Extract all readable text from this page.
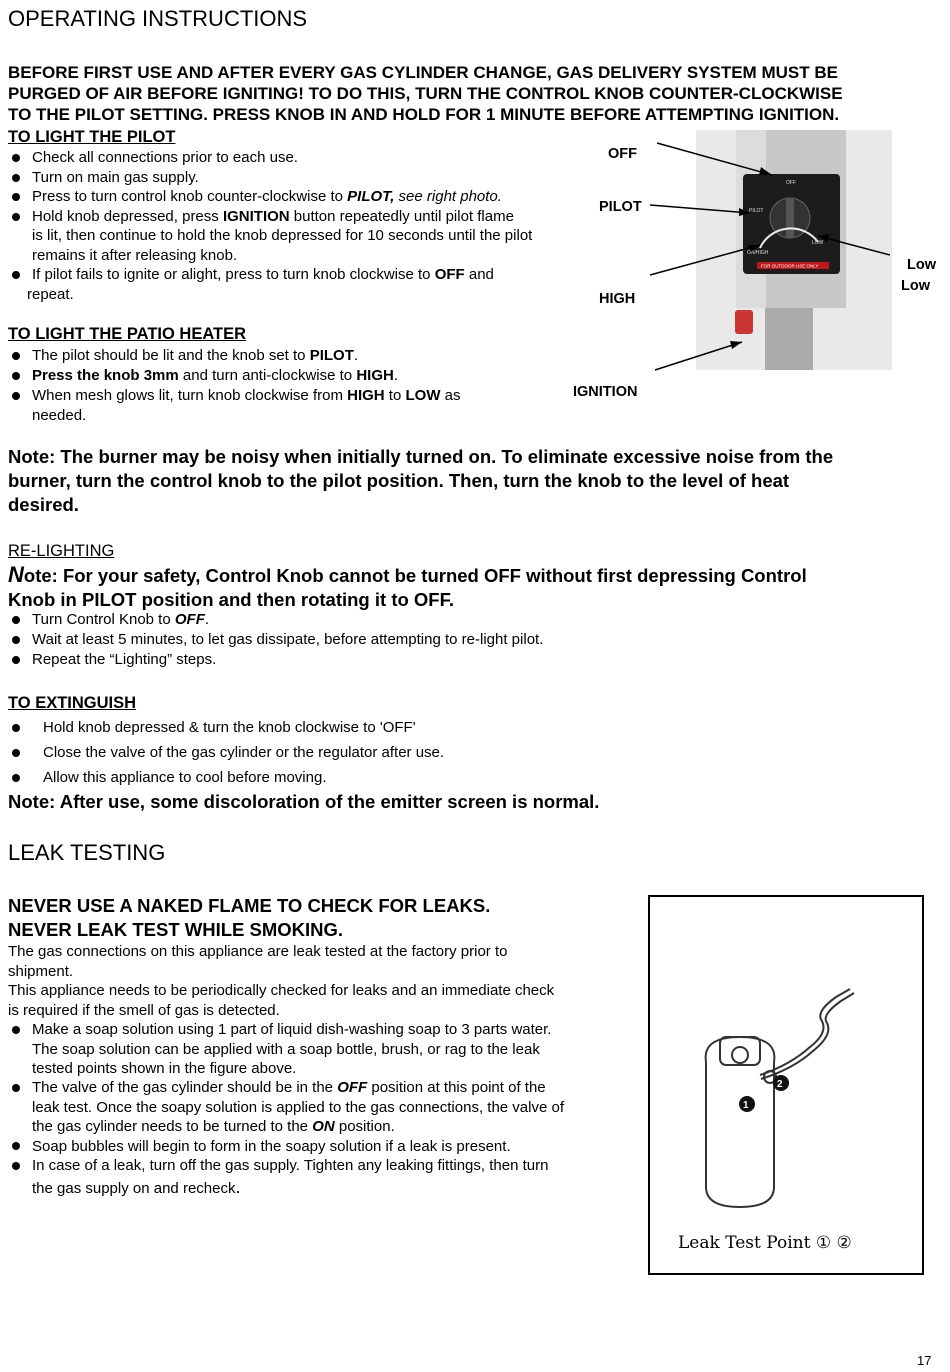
OPERATING INSTRUCTIONS
BEFORE FIRST USE AND AFTER EVERY GAS CYLINDER CHANGE, GAS DELIVERY SYSTEM MUST BE
PURGED OF AIR BEFORE IGNITING! TO DO THIS, TURN THE CONTROL KNOB COUNTER-CLOCKWISE
TO THE PILOT SETTING. PRESS KNOB IN AND HOLD FOR 1 MINUTE BEFORE ATTEMPTING IGNITION.
TO LIGHT THE PILOT
Check all connections prior to each use.
Turn on main gas supply.
Press to turn control knob counter-clockwise to PILOT, see right photo.
Hold knob depressed, press IGNITION button repeatedly until pilot flame
is lit, then continue to hold the knob depressed for 10 seconds until the pilot
remains it after releasing knob.
If pilot fails to ignite or alight, press to turn knob clockwise to OFF and
repeat.
OFF
PILOT
ON/HIGH
LOW
FOR OUTDOOR USE ONLY
OFF
PILOT
HIGH
IGNITION
Low
Low
TO LIGHT THE PATIO HEATER
The pilot should be lit and the knob set to PILOT.
Press the knob 3mm and turn anti-clockwise to HIGH.
When mesh glows lit, turn knob clockwise from HIGH to LOW as
needed.
Note: The burner may be noisy when initially turned on. To eliminate excessive noise from the
burner, turn the control knob to the pilot position. Then, turn the knob to the level of heat
desired.
RE-LIGHTING
Note: For your safety, Control Knob cannot be turned OFF without first depressing Control
Knob in PILOT position and then rotating it to OFF.
Turn Control Knob to OFF.
Wait at least 5 minutes, to let gas dissipate, before attempting to re-light pilot.
Repeat the “Lighting” steps.
TO EXTINGUISH
Hold knob depressed & turn the knob clockwise to 'OFF'
Close the valve of the gas cylinder or the regulator after use.
Allow this appliance to cool before moving.
Note: After use, some discoloration of the emitter screen is normal.
LEAK TESTING
NEVER USE A NAKED FLAME TO CHECK FOR LEAKS.
NEVER LEAK TEST WHILE SMOKING.
The gas connections on this appliance are leak tested at the factory prior to
shipment.
This appliance needs to be periodically checked for leaks and an immediate check
is required if the smell of gas is detected.
Make a soap solution using 1 part of liquid dish-washing soap to 3 parts water.
The soap solution can be applied with a soap bottle, brush, or rag to the leak
tested points shown in the figure above.
The valve of the gas cylinder should be in the OFF position at this point of the
leak test. Once the soapy solution is applied to the gas connections, the valve of
the gas cylinder needs to be turned to the ON position.
Soap bubbles will begin to form in the soapy solution if a leak is present.
In case of a leak, turn off the gas supply. Tighten any leaking fittings, then turn
the gas supply on and recheck.
1
2
Leak Test Point ① ②
17
